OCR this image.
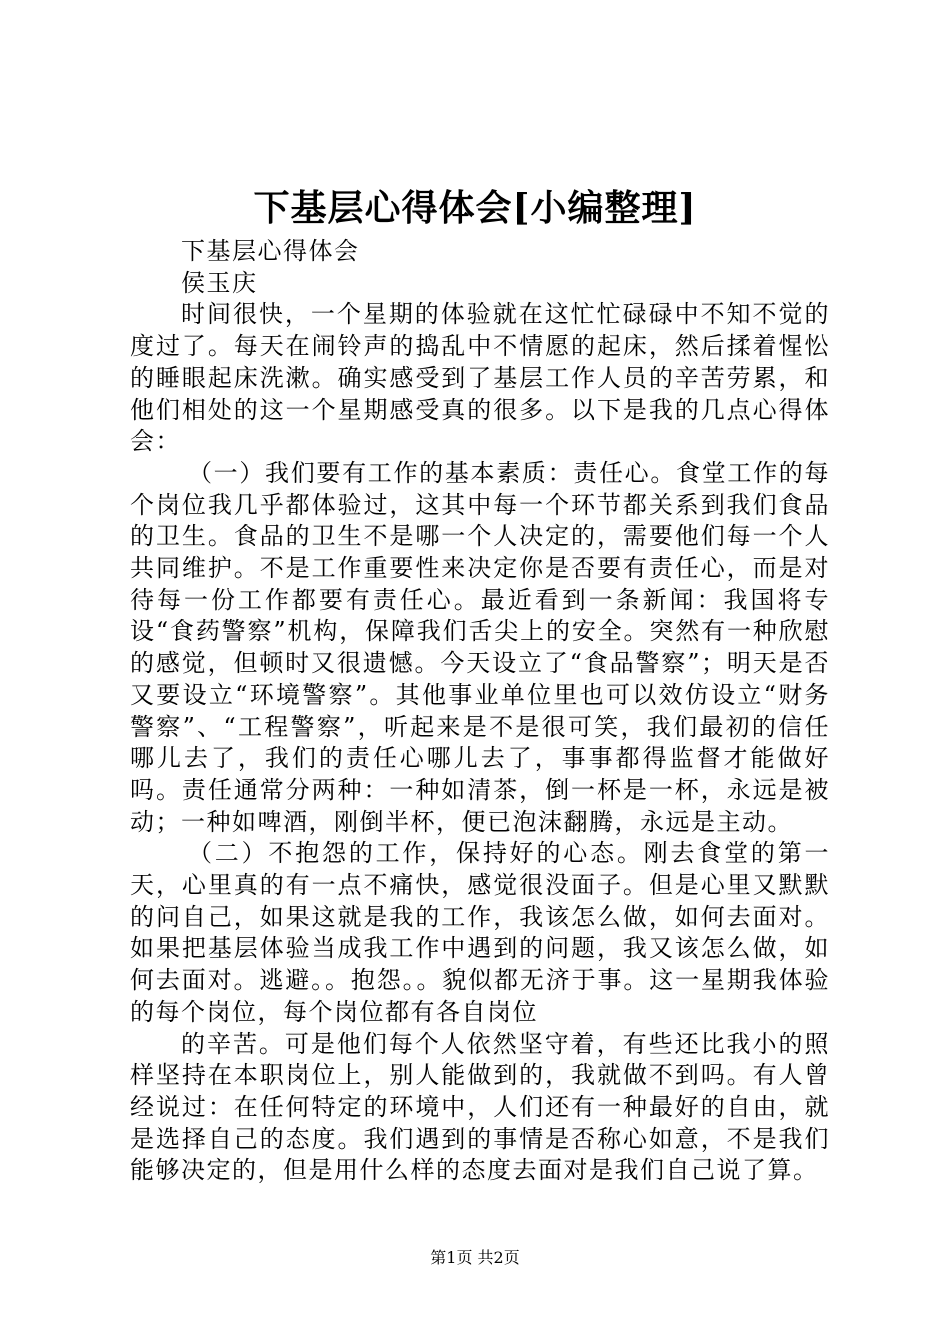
下基层心得体会[小编整理]

下基层心得体会

侯玉庆

时间很快，一个星期的体验就在这忙忙碌碌中不知不觉的度过了。每天在闹铃声的捣乱中不情愿的起床，然后揉着惺忪的睡眼起床洗漱。确实感受到了基层工作人员的辛苦劳累，和他们相处的这一个星期感受真的很多。以下是我的几点心得体会：

（一）我们要有工作的基本素质：责任心。食堂工作的每个岗位我几乎都体验过，这其中每一个环节都关系到我们食品的卫生。食品的卫生不是哪一个人决定的，需要他们每一个人共同维护。不是工作重要性来决定你是否要有责任心，而是对待每一份工作都要有责任心。最近看到一条新闻：我国将专设“食药警察”机构，保障我们舌尖上的安全。突然有一种欣慰的感觉，但顿时又很遗憾。今天设立了“食品警察”；明天是否又要设立“环境警察”。其他事业单位里也可以效仿设立“财务警察”、“工程警察”，听起来是不是很可笑，我们最初的信任哪儿去了，我们的责任心哪儿去了，事事都得监督才能做好吗。责任通常分两种：一种如清茶，倒一杯是一杯，永远是被动；一种如啤酒，刚倒半杯，便已泡沫翻腾，永远是主动。

（二）不抱怨的工作，保持好的心态。刚去食堂的第一天，心里真的有一点不痛快，感觉很没面子。但是心里又默默的问自己，如果这就是我的工作，我该怎么做，如何去面对。如果把基层体验当成我工作中遇到的问题，我又该怎么做，如何去面对。逃避。。抱怨。。貌似都无济于事。这一星期我体验的每个岗位，每个岗位都有各自岗位

的辛苦。可是他们每个人依然坚守着，有些还比我小的照样坚持在本职岗位上，别人能做到的，我就做不到吗。有人曾经说过：在任何特定的环境中，人们还有一种最好的自由，就是选择自己的态度。我们遇到的事情是否称心如意，不是我们能够决定的，但是用什么样的态度去面对是我们自己说了算。

第1页 共2页
